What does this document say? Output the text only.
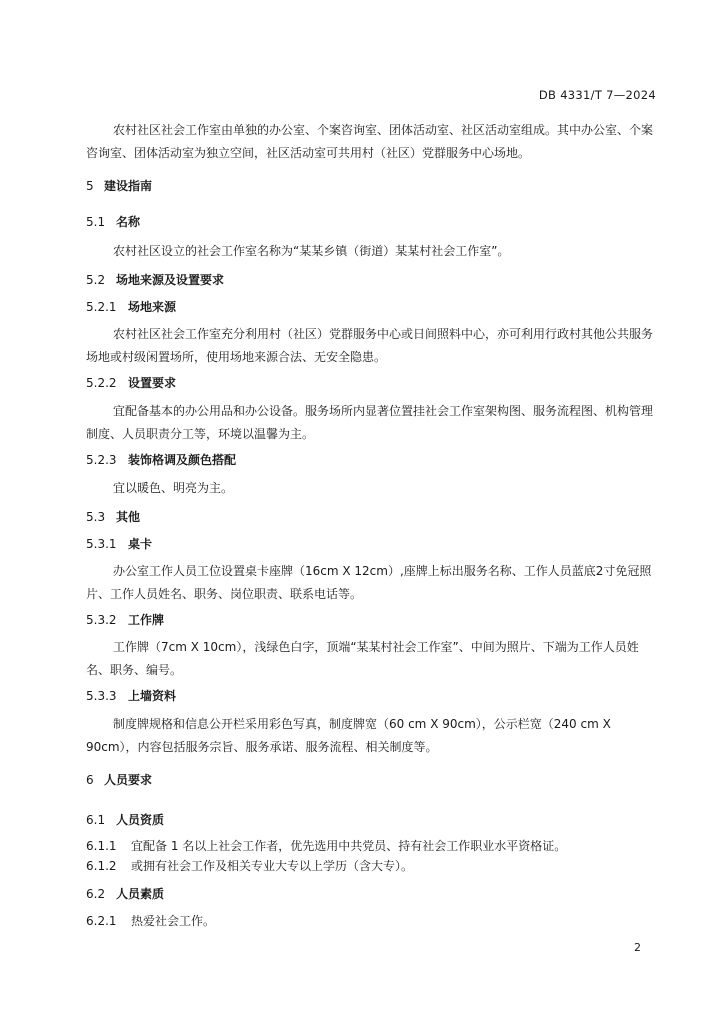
DB 4331/T 7—2024

农村社区社会工作室由单独的办公室、个案咨询室、团体活动室、社区活动室组成。其中办公室、个案咨询室、团体活动室为独立空间，社区活动室可共用村（社区）党群服务中心场地。

5 建设指南

5.1 名称

农村社区设立的社会工作室名称为“某某乡镇（街道）某某村社会工作室”。

5.2 场地来源及设置要求

5.2.1 场地来源

农村社区社会工作室充分利用村（社区）党群服务中心或日间照料中心，亦可利用行政村其他公共服务场地或村级闲置场所，使用场地来源合法、无安全隐患。

5.2.2 设置要求

宜配备基本的办公用品和办公设备。服务场所内显著位置挂社会工作室架构图、服务流程图、机构管理制度、人员职责分工等，环境以温馨为主。

5.2.3 装饰格调及颜色搭配

宜以暖色、明亮为主。

5.3 其他

5.3.1 桌卡

办公室工作人员工位设置桌卡座牌（16cm X 12cm）,座牌上标出服务名称、工作人员蓝底2寸免冠照片、工作人员姓名、职务、岗位职责、联系电话等。

5.3.2 工作牌

工作牌（7cm X 10cm），浅绿色白字，顶端“某某村社会工作室”、中间为照片、下端为工作人员姓名、职务、编号。

5.3.3 上墙资料

制度牌规格和信息公开栏采用彩色写真，制度牌宽（60 cm X 90cm），公示栏宽（240 cm X 90cm），内容包括服务宗旨、服务承诺、服务流程、相关制度等。

6 人员要求

6.1 人员资质

6.1.1 宜配备 1 名以上社会工作者，优先选用中共党员、持有社会工作职业水平资格证。

6.1.2 或拥有社会工作及相关专业大专以上学历（含大专）。

6.2 人员素质

6.2.1 热爱社会工作。

2
